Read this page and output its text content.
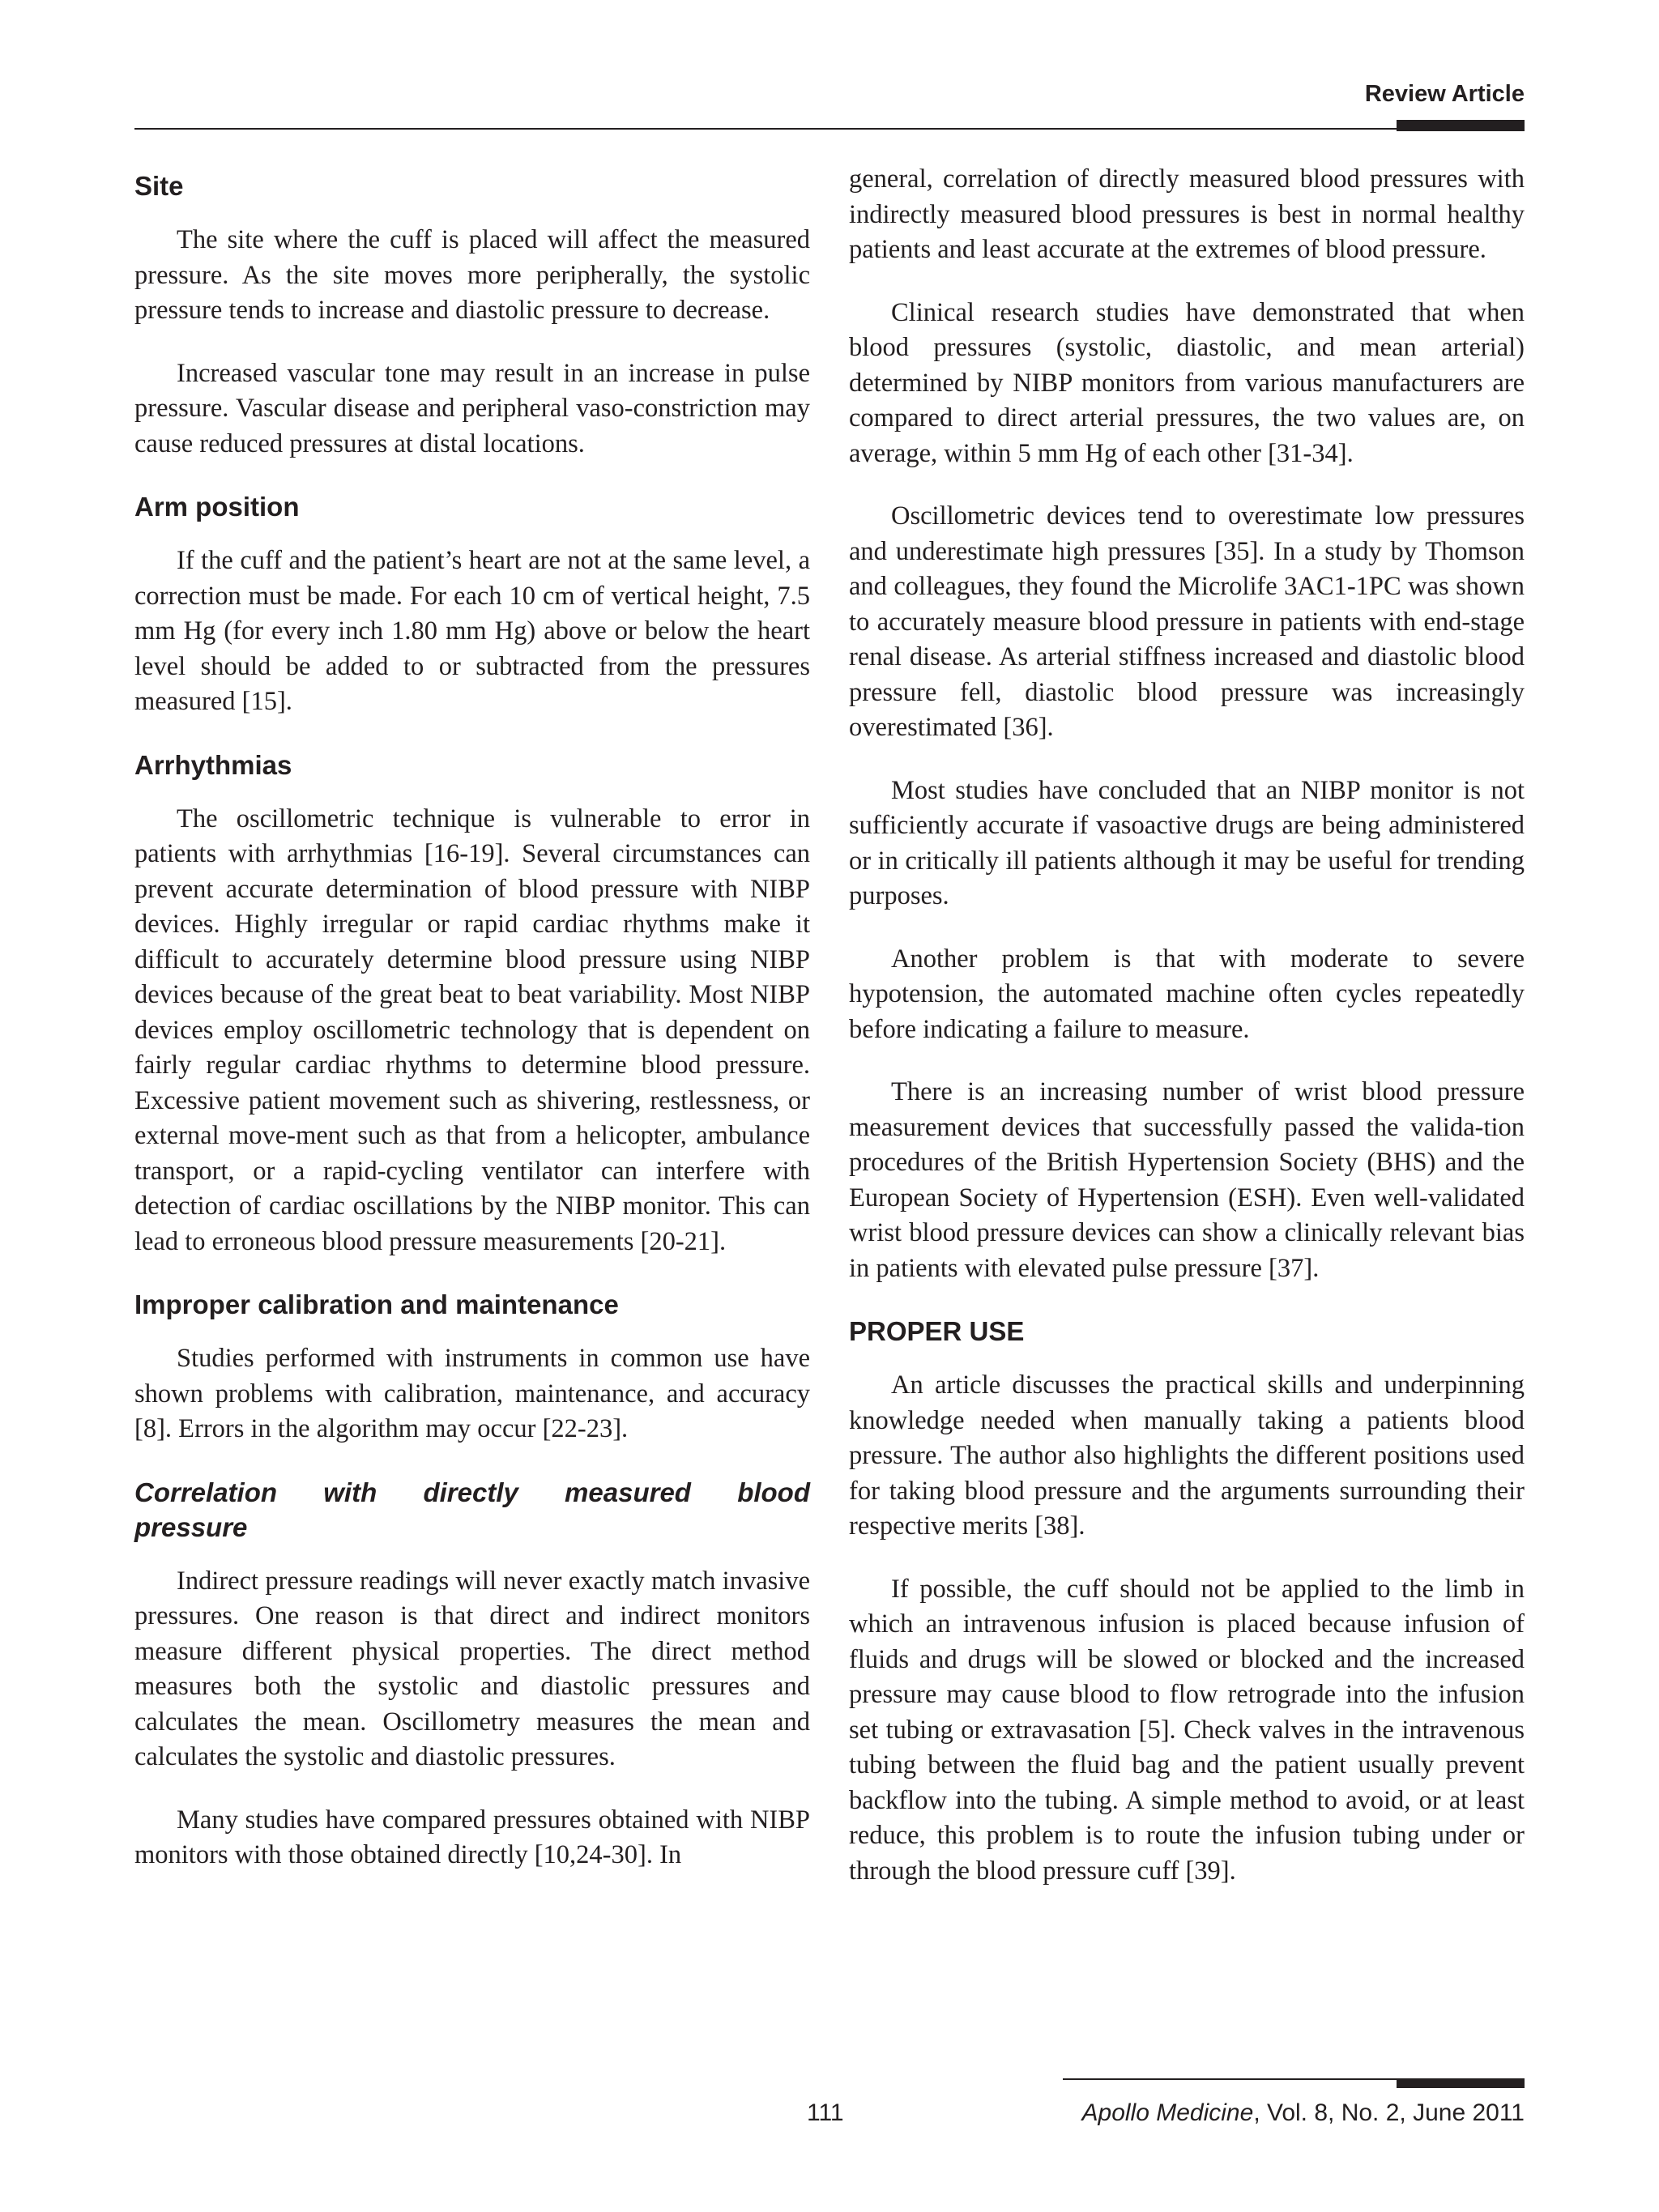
Review Article
Site

The site where the cuff is placed will affect the measured pressure. As the site moves more peripherally, the systolic pressure tends to increase and diastolic pressure to decrease.

Increased vascular tone may result in an increase in pulse pressure. Vascular disease and peripheral vaso-constriction may cause reduced pressures at distal locations.

Arm position

If the cuff and the patient’s heart are not at the same level, a correction must be made. For each 10 cm of vertical height, 7.5 mm Hg (for every inch 1.80 mm Hg) above or below the heart level should be added to or subtracted from the pressures measured [15].

Arrhythmias

The oscillometric technique is vulnerable to error in patients with arrhythmias [16-19]. Several circumstances can prevent accurate determination of blood pressure with NIBP devices. Highly irregular or rapid cardiac rhythms make it difficult to accurately determine blood pressure using NIBP devices because of the great beat to beat variability. Most NIBP devices employ oscillometric technology that is dependent on fairly regular cardiac rhythms to determine blood pressure. Excessive patient movement such as shivering, restlessness, or external move-ment such as that from a helicopter, ambulance transport, or a rapid-cycling ventilator can interfere with detection of cardiac oscillations by the NIBP monitor. This can lead to erroneous blood pressure measurements [20-21].

Improper calibration and maintenance

Studies performed with instruments in common use have shown problems with calibration, maintenance, and accuracy [8]. Errors in the algorithm may occur [22-23].

Correlation with directly measured blood pressure

Indirect pressure readings will never exactly match invasive pressures. One reason is that direct and indirect monitors measure different physical properties. The direct method measures both the systolic and diastolic pressures and calculates the mean. Oscillometry measures the mean and calculates the systolic and diastolic pressures.

Many studies have compared pressures obtained with NIBP monitors with those obtained directly [10,24-30]. In

general, correlation of directly measured blood pressures with indirectly measured blood pressures is best in normal healthy patients and least accurate at the extremes of blood pressure.

Clinical research studies have demonstrated that when blood pressures (systolic, diastolic, and mean arterial) determined by NIBP monitors from various manufacturers are compared to direct arterial pressures, the two values are, on average, within 5 mm Hg of each other [31-34].

Oscillometric devices tend to overestimate low pressures and underestimate high pressures [35]. In a study by Thomson and colleagues, they found the Microlife 3AC1-1PC was shown to accurately measure blood pressure in patients with end-stage renal disease. As arterial stiffness increased and diastolic blood pressure fell, diastolic blood pressure was increasingly overestimated [36].

Most studies have concluded that an NIBP monitor is not sufficiently accurate if vasoactive drugs are being administered or in critically ill patients although it may be useful for trending purposes.

Another problem is that with moderate to severe hypotension, the automated machine often cycles repeatedly before indicating a failure to measure.

There is an increasing number of wrist blood pressure measurement devices that successfully passed the valida-tion procedures of the British Hypertension Society (BHS) and the European Society of Hypertension (ESH). Even well-validated wrist blood pressure devices can show a clinically relevant bias in patients with elevated pulse pressure [37].

PROPER USE

An article discusses the practical skills and underpinning knowledge needed when manually taking a patients blood pressure. The author also highlights the different positions used for taking blood pressure and the arguments surrounding their respective merits [38].

If possible, the cuff should not be applied to the limb in which an intravenous infusion is placed because infusion of fluids and drugs will be slowed or blocked and the increased pressure may cause blood to flow retrograde into the infusion set tubing or extravasation [5]. Check valves in the intravenous tubing between the fluid bag and the patient usually prevent backflow into the tubing. A simple method to avoid, or at least reduce, this problem is to route the infusion tubing under or through the blood pressure cuff [39].

111	Apollo Medicine, Vol. 8, No. 2, June 2011
